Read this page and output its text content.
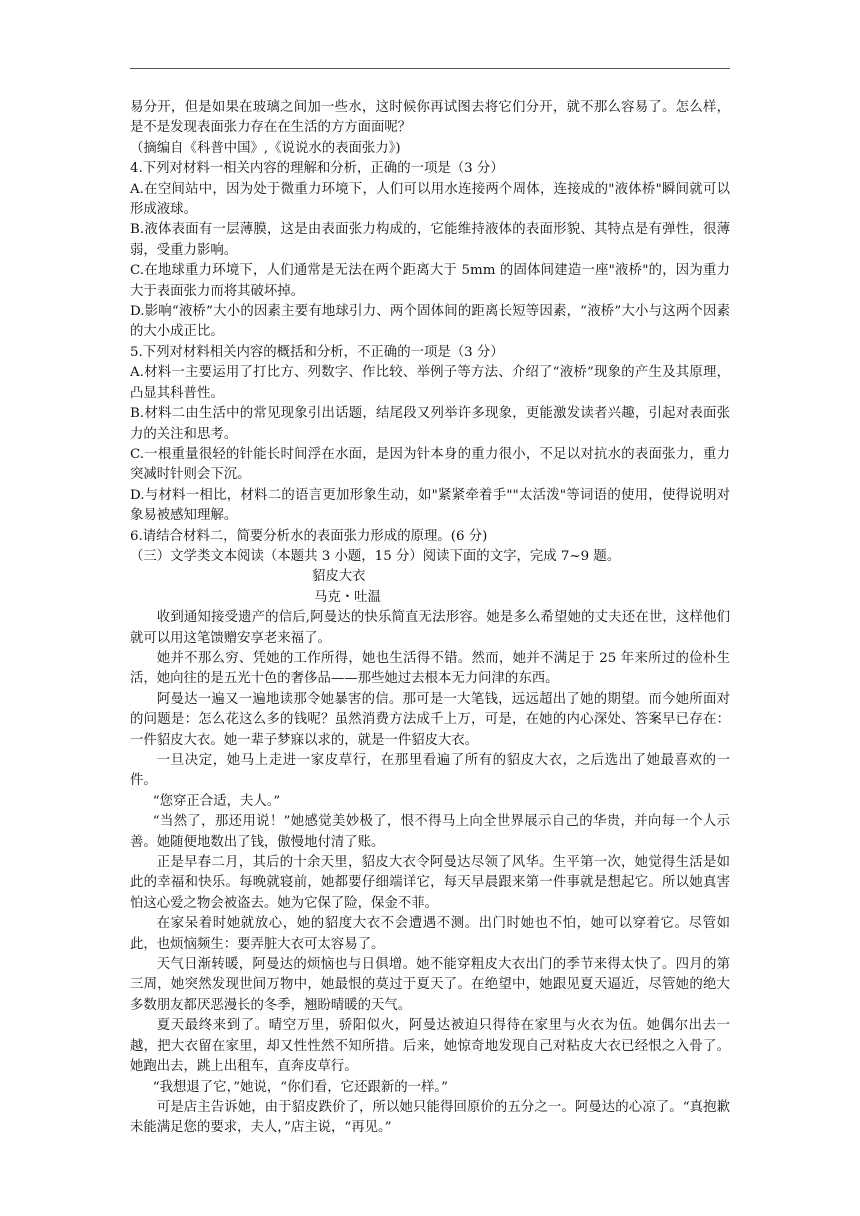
易分开，但是如果在玻璃之间加一些水，这时候你再试图去将它们分开，就不那么容易了。怎么样，是不是发现表面张力存在在生活的方方面面呢？

（摘编自《科普中国》,《说说水的表面张力》)

4.下列对材料一相关内容的理解和分析，正确的一项是（3 分）

A.在空间站中，因为处于微重力环境下，人们可以用水连接两个周体，连接成的"液体桥"瞬间就可以形成液球。

B.液体表面有一层薄膜，这是由表面张力构成的，它能维持液体的表面形貌、其特点是有弹性，很薄弱，受重力影响。

C.在地球重力环境下，人们通常是无法在两个距离大于 5mm 的固体间建造一座"液桥"的，因为重力大于表面张力而将其破坏掉。

D.影响“液桥”大小的因素主要有地球引力、两个固体间的距离长短等因素，“液桥”大小与这两个因素的大小成正比。

5.下列对材料相关内容的概括和分析，不正确的一项是（3 分）

A.材料一主要运用了打比方、列数字、作比较、举例子等方法、介绍了“液桥”现象的产生及其原理，凸显其科普性。

B.材料二由生活中的常见现象引出话题，结尾段又列举许多现象，更能激发读者兴趣，引起对表面张力的关注和思考。

C.一根重量很轻的针能长时间浮在水面，是因为针本身的重力很小，不足以对抗水的表面张力，重力突减时针则会下沉。

D.与材料一相比，材料二的语言更加形象生动，如"紧紧牵着手""太活泼"等词语的使用，使得说明对象易被感知理解。

6.请结合材料二，简要分析水的表面张力形成的原理。(6 分)

（三）文学类文本阅读（本题共 3 小题，15 分）阅读下面的文字，完成 7~9 题。

貂皮大衣

马克・吐温

收到通知接受遗产的信后,阿曼达的快乐简直无法形容。她是多么希望她的丈夫还在世，这样他们就可以用这笔馈赠安享老来福了。

她并不那么穷、凭她的工作所得，她也生活得不错。然而，她并不满足于 25 年来所过的俭朴生活，她向往的是五光十色的奢侈品——那些她过去根本无力问津的东西。

阿曼达一遍又一遍地读那令她暴害的信。那可是一大笔钱，远远超出了她的期望。而今她所面对的问题是：怎么花这么多的钱呢？虽然消费方法成千上万，可是，在她的内心深处、答案早已存在：一件貂皮大衣。她一辈子梦寐以求的，就是一件貂皮大衣。

一旦决定，她马上走进一家皮草行，在那里看遍了所有的貂皮大衣，之后选出了她最喜欢的一件。

“您穿正合适，夫人。”

“当然了，那还用说！”她感觉美妙极了，恨不得马上向全世界展示自己的华贵，并向每一个人示善。她随便地数出了钱，傲慢地付清了账。

正是早春二月，其后的十余天里，貂皮大衣令阿曼达尽领了风华。生平第一次，她觉得生活是如此的幸福和快乐。每晚就寝前，她都要仔细端详它，每天早晨跟来第一件事就是想起它。所以她真害怕这心爱之物会被盗去。她为它保了险，保金不菲。

在家呆着时她就放心，她的貂度大衣不会遭遇不测。出门时她也不怕，她可以穿着它。尽管如此，也烦恼频生：要弄脏大衣可太容易了。

天气日渐转暖，阿曼达的烦恼也与日俱增。她不能穿粗皮大衣出门的季节来得太快了。四月的第三周，她突然发现世间万物中，她最恨的莫过于夏天了。在绝望中，她跟见夏天逼近，尽管她的绝大多数朋友都厌恶漫长的冬季，翘盼晴暖的天气。

夏天最终来到了。晴空万里，骄阳似火，阿曼达被迫只得待在家里与火衣为伍。她偶尔出去一越，把大衣留在家里，却又性性然不知所措。后来，她惊奇地发现自己对粘皮大衣已经恨之入骨了。她跑出去，跳上出租车，直奔皮草行。

“我想退了它，”她说，“你们看，它还跟新的一样。”

可是店主告诉她，由于貂皮跌价了，所以她只能得回原价的五分之一。阿曼达的心凉了。“真抱歉未能满足您的要求，夫人，”店主说，“再见。”
